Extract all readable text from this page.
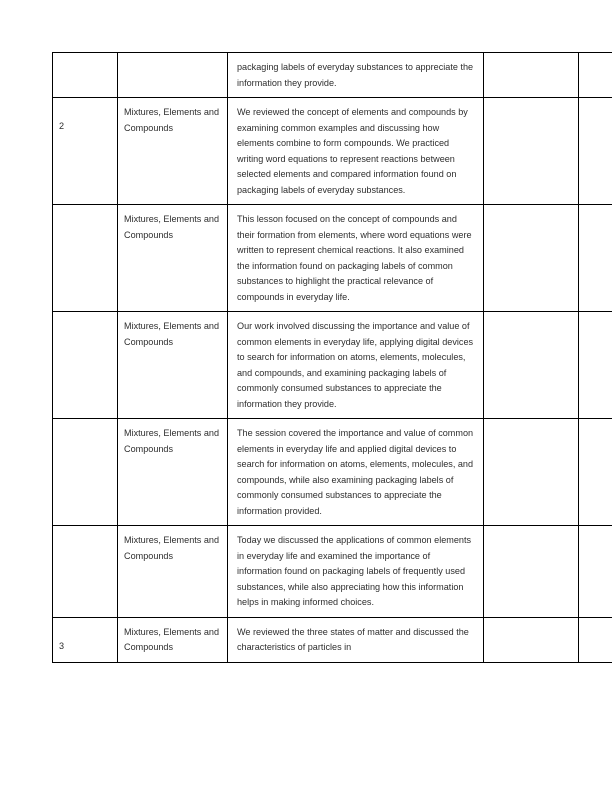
		packaging labels of everyday substances to appreciate the information they provide.		

2	Mixtures, Elements and Compounds	We reviewed the concept of elements and compounds by examining common examples and discussing how elements combine to form compounds. We practiced writing word equations to represent reactions between selected elements and compared information found on packaging labels of everyday substances.		

	Mixtures, Elements and Compounds	This lesson focused on the concept of compounds and their formation from elements, where word equations were written to represent chemical reactions. It also examined the information found on packaging labels of common substances to highlight the practical relevance of compounds in everyday life.		

	Mixtures, Elements and Compounds	Our work involved discussing the importance and value of common elements in everyday life, applying digital devices to search for information on atoms, elements, molecules, and compounds, and examining packaging labels of commonly consumed substances to appreciate the information they provide.		

	Mixtures, Elements and Compounds	The session covered the importance and value of common elements in everyday life and applied digital devices to search for information on atoms, elements, molecules, and compounds, while also examining packaging labels of commonly consumed substances to appreciate the information provided.		

	Mixtures, Elements and Compounds	Today we discussed the applications of common elements in everyday life and examined the importance of information found on packaging labels of frequently used substances, while also appreciating how this information helps in making informed choices.		

3	Mixtures, Elements and Compounds	We reviewed the three states of matter and discussed the characteristics of particles in		
